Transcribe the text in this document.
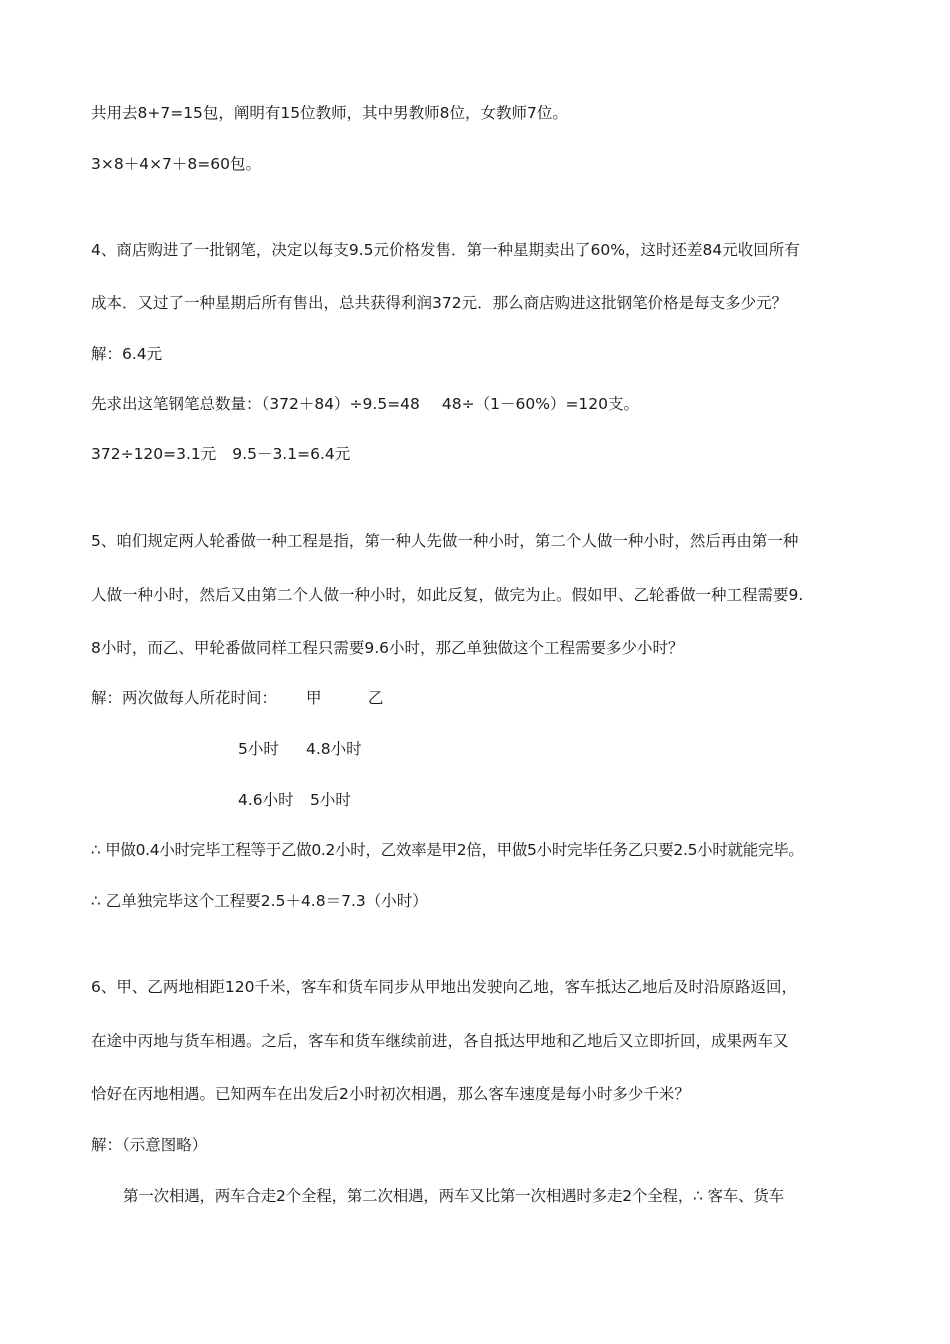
共用去8+7=15包，阐明有15位教师，其中男教师8位，女教师7位。
3×8＋4×7＋8=60包。
4、商店购进了一批钢笔，决定以每支9.5元价格发售．第一种星期卖出了60%，这时还差84元收回所有
成本．又过了一种星期后所有售出，总共获得利润372元．那么商店购进这批钢笔价格是每支多少元？
解：6.4元
先求出这笔钢笔总数量：（372＋84）÷9.5=48 48÷（1－60%）=120支。
372÷120=3.1元 9.5－3.1=6.4元
5、咱们规定两人轮番做一种工程是指，第一种人先做一种小时，第二个人做一种小时，然后再由第一种
人做一种小时，然后又由第二个人做一种小时，如此反复，做完为止。假如甲、乙轮番做一种工程需要9.
8小时，而乙、甲轮番做同样工程只需要9.6小时，那乙单独做这个工程需要多少小时？
解：两次做每人所花时间： 甲	乙
5小时 4.8小时
4.6小时 5小时
∴ 甲做0.4小时完毕工程等于乙做0.2小时，乙效率是甲2倍，甲做5小时完毕任务乙只要2.5小时就能完毕。
∴ 乙单独完毕这个工程要2.5＋4.8＝7.3（小时）
6、甲、乙两地相距120千米，客车和货车同步从甲地出发驶向乙地，客车抵达乙地后及时沿原路返回，
在途中丙地与货车相遇。之后，客车和货车继续前进，各自抵达甲地和乙地后又立即折回，成果两车又
恰好在丙地相遇。已知两车在出发后2小时初次相遇，那么客车速度是每小时多少千米？
解：（示意图略）
第一次相遇，两车合走2个全程，第二次相遇，两车又比第一次相遇时多走2个全程，∴ 客车、货车
